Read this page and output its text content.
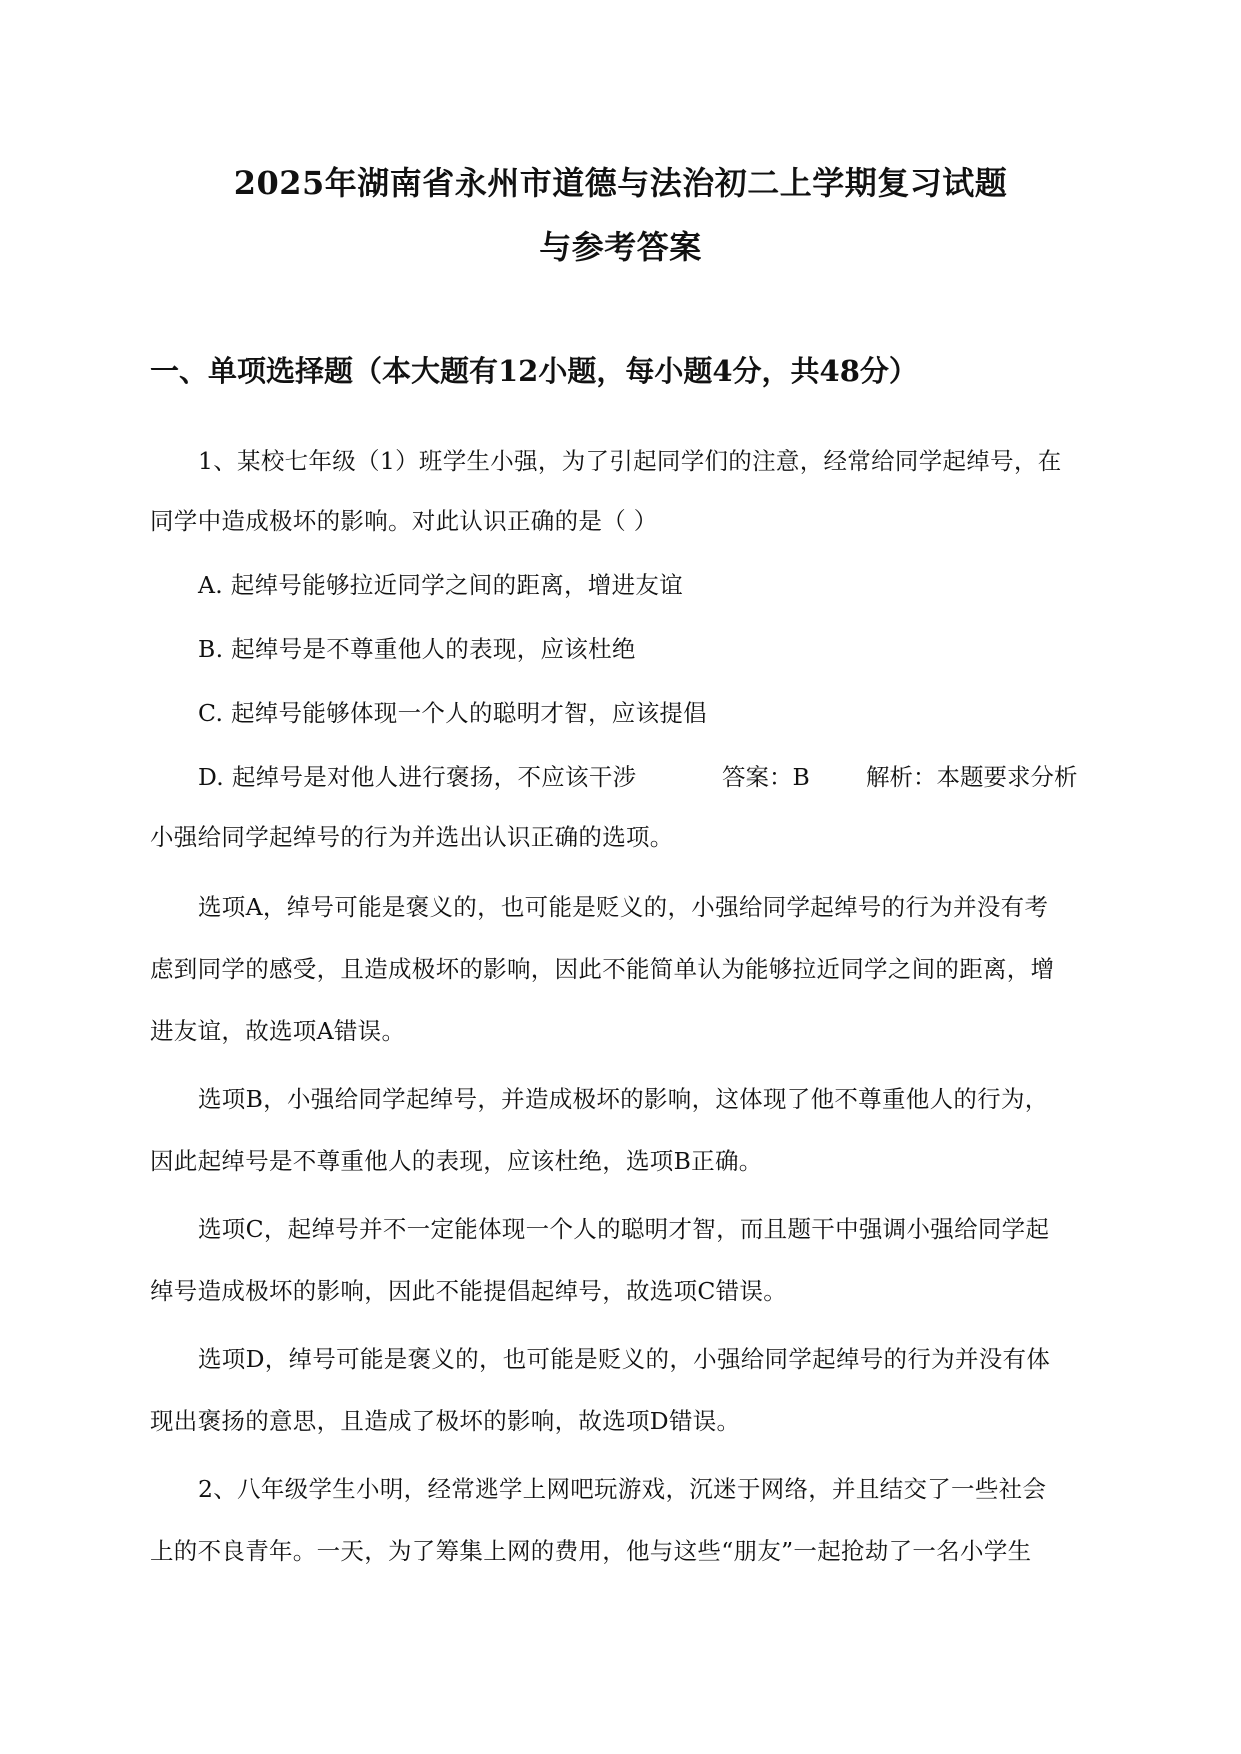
2025年湖南省永州市道德与法治初二上学期复习试题
与参考答案
一、单项选择题（本大题有12小题，每小题4分，共48分）
1、某校七年级（1）班学生小强，为了引起同学们的注意，经常给同学起绰号，在
同学中造成极坏的影响。对此认识正确的是（ ）
A. 起绰号能够拉近同学之间的距离，增进友谊
B. 起绰号是不尊重他人的表现，应该杜绝
C. 起绰号能够体现一个人的聪明才智，应该提倡
D. 起绰号是对他人进行褒扬，不应该干涉	答案：B 解析：本题要求分析
小强给同学起绰号的行为并选出认识正确的选项。
选项A，绰号可能是褒义的，也可能是贬义的，小强给同学起绰号的行为并没有考
虑到同学的感受，且造成极坏的影响，因此不能简单认为能够拉近同学之间的距离，增
进友谊，故选项A错误。
选项B，小强给同学起绰号，并造成极坏的影响，这体现了他不尊重他人的行为，
因此起绰号是不尊重他人的表现，应该杜绝，选项B正确。
选项C，起绰号并不一定能体现一个人的聪明才智，而且题干中强调小强给同学起
绰号造成极坏的影响，因此不能提倡起绰号，故选项C错误。
选项D，绰号可能是褒义的，也可能是贬义的，小强给同学起绰号的行为并没有体
现出褒扬的意思，且造成了极坏的影响，故选项D错误。
2、八年级学生小明，经常逃学上网吧玩游戏，沉迷于网络，并且结交了一些社会
上的不良青年。一天，为了筹集上网的费用，他与这些“朋友”一起抢劫了一名小学生
